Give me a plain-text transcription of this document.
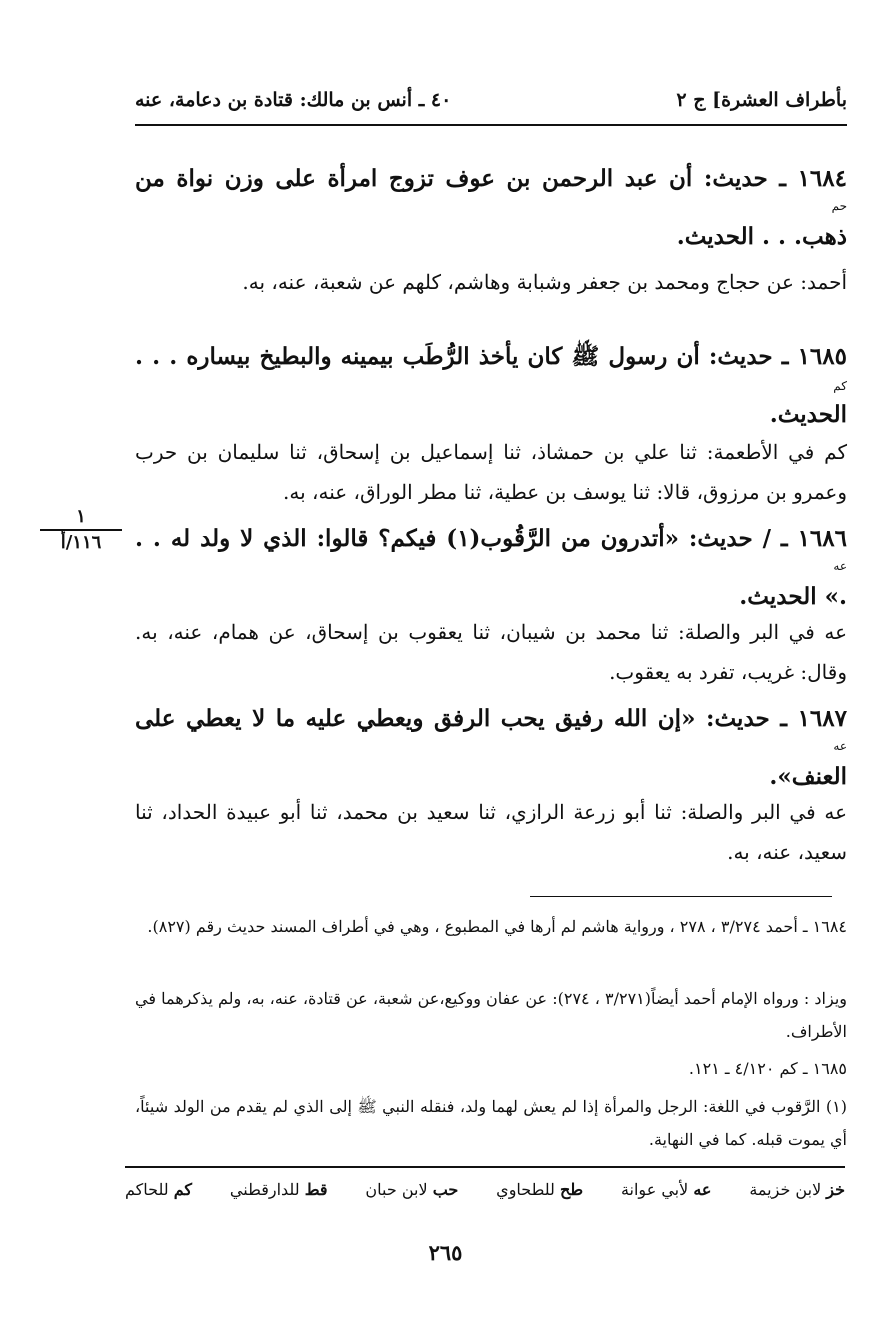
بأطراف العشرة] ج ٢
٤٠ ـ أنس بن مالك: قتادة بن دعامة، عنه
١٦٨٤ ـ حديث: أن عبد الرحمن بن عوف تزوج امرأة على وزن نواة من ذهب. . . الحديث.
حم
أحمد: عن حجاج ومحمد بن جعفر وشبابة وهاشم، كلهم عن شعبة، عنه، به.
١٦٨٥ ـ حديث: أن رسول ﷺ كان يأخذ الرُّطَب بيمينه والبطيخ بيساره . . . الحديث.
كم
كم في الأطعمة: ثنا علي بن حمشاذ، ثنا إسماعيل بن إسحاق، ثنا سليمان بن حرب وعمرو بن مرزوق، قالا: ثنا يوسف بن عطية، ثنا مطر الوراق، عنه، به.
١٦٨٦ ـ / حديث: «أتدرون من الرَّقُوب(١) فيكم؟ قالوا: الذي لا ولد له . . .» الحديث.
عه
١
١١٦/أ
عه في البر والصلة: ثنا محمد بن شيبان، ثنا يعقوب بن إسحاق، عن همام، عنه، به. وقال: غريب، تفرد به يعقوب.
١٦٨٧ ـ حديث: «إن الله رفيق يحب الرفق ويعطي عليه ما لا يعطي على العنف».
عه
عه في البر والصلة: ثنا أبو زرعة الرازي، ثنا سعيد بن محمد، ثنا أبو عبيدة الحداد، ثنا سعيد، عنه، به.
١٦٨٤ ـ أحمد ٣/٢٧٤ ، ٢٧٨ ، ورواية هاشم لم أرها في المطبوع ، وهي في أطراف المسند حديث رقم (٨٢٧).
ويزاد : ورواه الإمام أحمد أيضاً(٣/٢٧١ ، ٢٧٤): عن عفان ووكيع،عن شعبة، عن قتادة، عنه، به، ولم يذكرهما في الأطراف.
١٦٨٥ ـ كم ٤/١٢٠ ـ ١٢١.
(١) الرَّقوب في اللغة: الرجل والمرأة إذا لم يعش لهما ولد، فنقله النبي ﷺ إلى الذي لم يقدم من الولد شيئاً، أي يموت قبله. كما في النهاية.
خز لابن خزيمة
عه لأبي عوانة
طح للطحاوي
حب لابن حبان
قط للدارقطني
كم للحاكم
٢٦٥
